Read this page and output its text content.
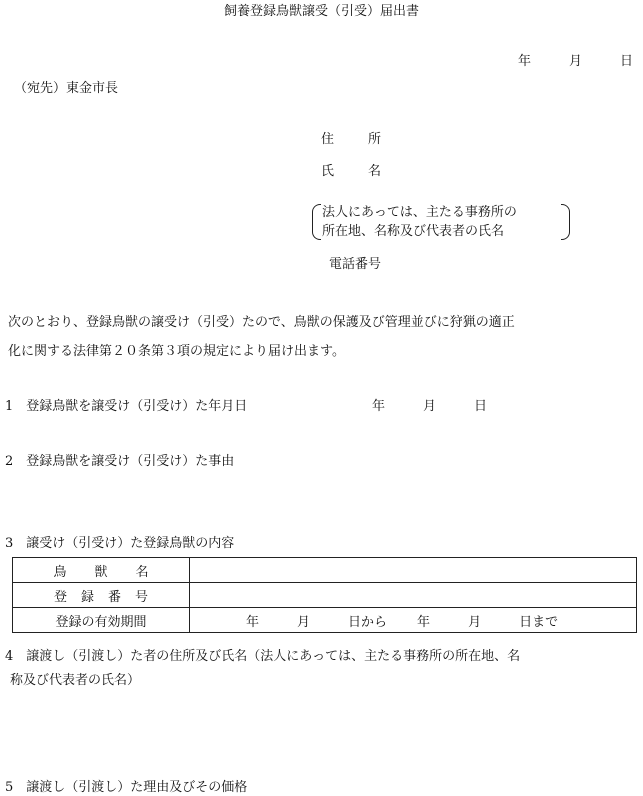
飼養登録鳥獣譲受（引受）届出書
年	月	日
（宛先）東金市長
住	所
氏	名
法人にあっては、主たる事務所の
所在地、名称及び代表者の氏名
電話番号
次のとおり、登録鳥獣の譲受け（引受）たので、鳥獣の保護及び管理並びに狩猟の適正
化に関する法律第２０条第３項の規定により届け出ます。
1　登録鳥獣を譲受け（引受け）た年月日	年	月	日
2　登録鳥獣を譲受け（引受け）た事由
3　譲受け（引受け）た登録鳥獣の内容
鳥 獣 名	
登 録 番 号	
登録の有効期間	年 月 日から 年 月 日まで
4　譲渡し（引渡し）た者の住所及び氏名（法人にあっては、主たる事務所の所在地、名
称及び代表者の氏名）
5　譲渡し（引渡し）た理由及びその価格
